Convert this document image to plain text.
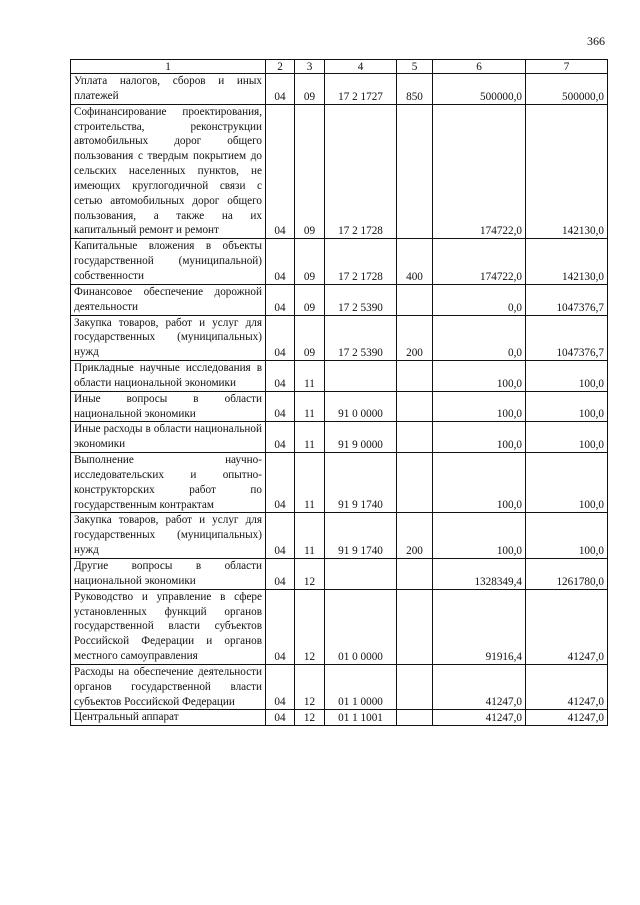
366
1	2	3	4	5	6	7
Уплата налогов, сборов и иных платежей	04	09	17 2 1727	850	500000,0	500000,0
Софинансирование проектирования, строительства, реконструкции автомобильных дорог общего пользования с твердым покрытием до сельских населенных пунктов, не имеющих круглогодичной связи с сетью автомобильных дорог общего пользования, а также на их капитальный ремонт и ремонт	04	09	17 2 1728		174722,0	142130,0
Капитальные вложения в объекты государственной (муниципальной) собственности	04	09	17 2 1728	400	174722,0	142130,0
Финансовое обеспечение дорожной деятельности	04	09	17 2 5390		0,0	1047376,7
Закупка товаров, работ и услуг для государственных (муниципальных) нужд	04	09	17 2 5390	200	0,0	1047376,7
Прикладные научные исследования в области национальной экономики	04	11			100,0	100,0
Иные вопросы в области национальной экономики	04	11	91 0 0000		100,0	100,0
Иные расходы в области национальной экономики	04	11	91 9 0000		100,0	100,0
Выполнение научно-исследовательских и опытно-конструкторских работ по государственным контрактам	04	11	91 9 1740		100,0	100,0
Закупка товаров, работ и услуг для государственных (муниципальных) нужд	04	11	91 9 1740	200	100,0	100,0
Другие вопросы в области национальной экономики	04	12			1328349,4	1261780,0
Руководство и управление в сфере установленных функций органов государственной власти субъектов Российской Федерации и органов местного самоуправления	04	12	01 0 0000		91916,4	41247,0
Расходы на обеспечение деятельности органов государственной власти субъектов Российской Федерации	04	12	01 1 0000		41247,0	41247,0
Центральный аппарат	04	12	01 1 1001		41247,0	41247,0
